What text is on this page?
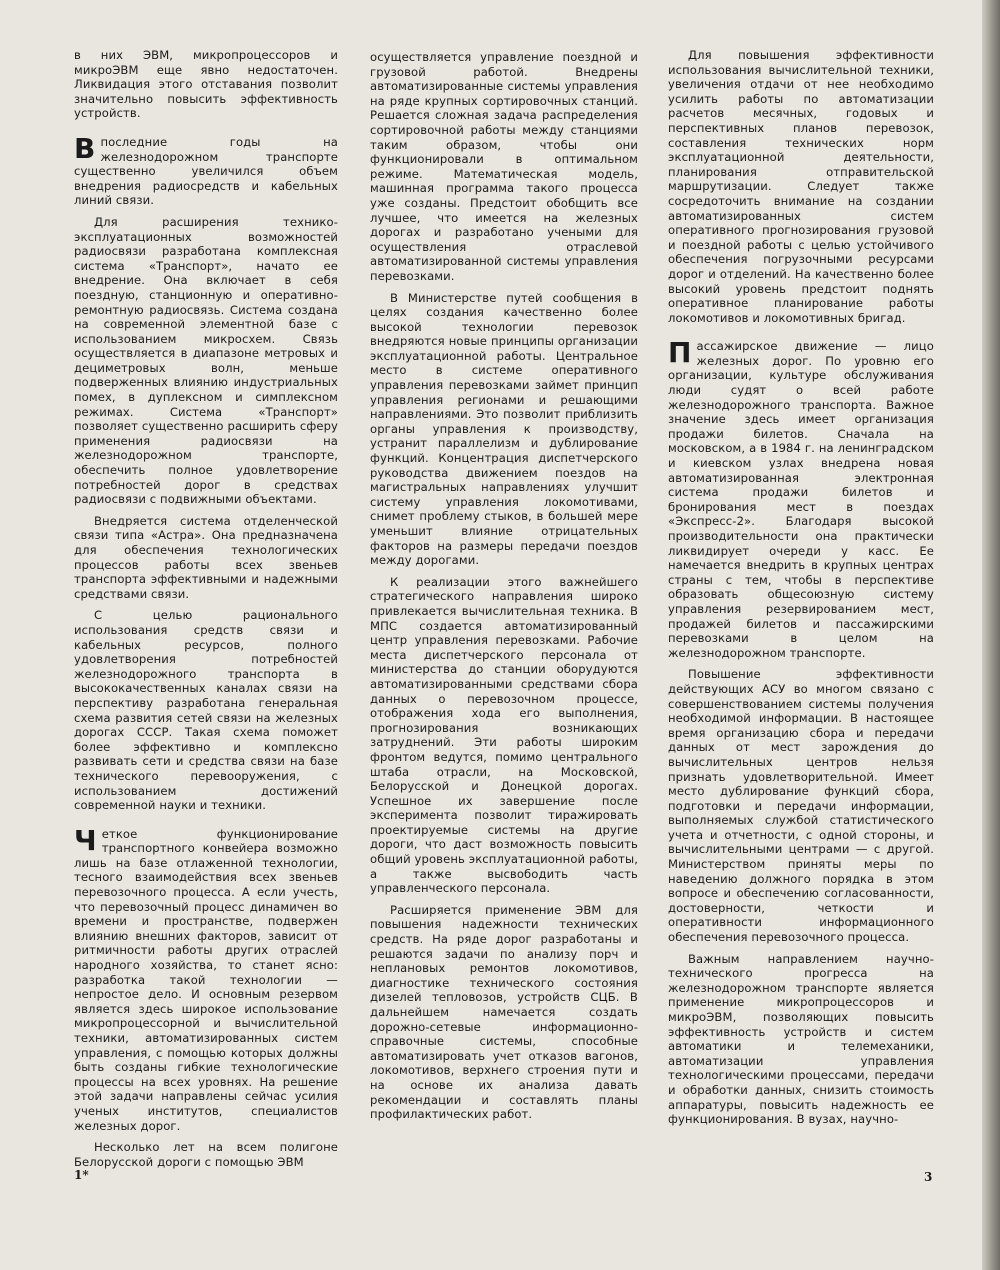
в них ЭВМ, микропроцессоров и микроЭВМ еще явно недостаточен. Ликвидация этого отставания позволит значительно повысить эффективность устройств.

Впоследние годы на железнодорожном транспорте существенно увеличился объем внедрения радиосредств и кабельных линий связи.

Для расширения технико-эксплуатационных возможностей радиосвязи разработана комплексная система «Транспорт», начато ее внедрение. Она включает в себя поездную, станционную и оперативно-ремонтную радиосвязь. Система создана на современной элементной базе с использованием микросхем. Связь осуществляется в диапазоне метровых и дециметровых волн, меньше подверженных влиянию индустриальных помех, в дуплексном и симплексном режимах. Система «Транспорт» позволяет существенно расширить сферу применения радиосвязи на железнодорожном транспорте, обеспечить полное удовлетворение потребностей дорог в средствах радиосвязи с подвижными объектами.

Внедряется система отделенческой связи типа «Астра». Она предназначена для обеспечения технологических процессов работы всех звеньев транспорта эффективными и надежными средствами связи.

С целью рационального использования средств связи и кабельных ресурсов, полного удовлетворения потребностей железнодорожного транспорта в высококачественных каналах связи на перспективу разработана генеральная схема развития сетей связи на железных дорогах СССР. Такая схема поможет более эффективно и комплексно развивать сети и средства связи на базе технического перевооружения, с использованием достижений современной науки и техники.

Четкое функционирование транспортного конвейера возможно лишь на базе отлаженной технологии, тесного взаимодействия всех звеньев перевозочного процесса. А если учесть, что перевозочный процесс динамичен во времени и пространстве, подвержен влиянию внешних факторов, зависит от ритмичности работы других отраслей народного хозяйства, то станет ясно: разработка такой технологии — непростое дело. И основным резервом является здесь широкое использование микропроцессорной и вычислительной техники, автоматизированных систем управления, с помощью которых должны быть созданы гибкие технологические процессы на всех уровнях. На решение этой задачи направлены сейчас усилия ученых институтов, специалистов железных дорог.

Несколько лет на всем полигоне Белорусской дороги с помощью ЭВМ

осуществляется управление поездной и грузовой работой. Внедрены автоматизированные системы управления на ряде крупных сортировочных станций. Решается сложная задача распределения сортировочной работы между станциями таким образом, чтобы они функционировали в оптимальном режиме. Математическая модель, машинная программа такого процесса уже созданы. Предстоит обобщить все лучшее, что имеется на железных дорогах и разработано учеными для осуществления отраслевой автоматизированной системы управления перевозками.

В Министерстве путей сообщения в целях создания качественно более высокой технологии перевозок внедряются новые принципы организации эксплуатационной работы. Центральное место в системе оперативного управления перевозками займет принцип управления регионами и решающими направлениями. Это позволит приблизить органы управления к производству, устранит параллелизм и дублирование функций. Концентрация диспетчерского руководства движением поездов на магистральных направлениях улучшит систему управления локомотивами, снимет проблему стыков, в большей мере уменьшит влияние отрицательных факторов на размеры передачи поездов между дорогами.

К реализации этого важнейшего стратегического направления широко привлекается вычислительная техника. В МПС создается автоматизированный центр управления перевозками. Рабочие места диспетчерского персонала от министерства до станции оборудуются автоматизированными средствами сбора данных о перевозочном процессе, отображения хода его выполнения, прогнозирования возникающих затруднений. Эти работы широким фронтом ведутся, помимо центрального штаба отрасли, на Московской, Белорусской и Донецкой дорогах. Успешное их завершение после эксперимента позволит тиражировать проектируемые системы на другие дороги, что даст возможность повысить общий уровень эксплуатационной работы, а также высвободить часть управленческого персонала.

Расширяется применение ЭВМ для повышения надежности технических средств. На ряде дорог разработаны и решаются задачи по анализу порч и неплановых ремонтов локомотивов, диагностике технического состояния дизелей тепловозов, устройств СЦБ. В дальнейшем намечается создать дорожно-сетевые информационно-справочные системы, способные автоматизировать учет отказов вагонов, локомотивов, верхнего строения пути и на основе их анализа давать рекомендации и составлять планы профилактических работ.

Для повышения эффективности использования вычислительной техники, увеличения отдачи от нее необходимо усилить работы по автоматизации расчетов месячных, годовых и перспективных планов перевозок, составления технических норм эксплуатационной деятельности, планирования отправительской маршрутизации. Следует также сосредоточить внимание на создании автоматизированных систем оперативного прогнозирования грузовой и поездной работы с целью устойчивого обеспечения погрузочными ресурсами дорог и отделений. На качественно более высокий уровень предстоит поднять оперативное планирование работы локомотивов и локомотивных бригад.

Пассажирское движение — лицо железных дорог. По уровню его организации, культуре обслуживания люди судят о всей работе железнодорожного транспорта. Важное значение здесь имеет организация продажи билетов. Сначала на московском, а в 1984 г. на ленинградском и киевском узлах внедрена новая автоматизированная электронная система продажи билетов и бронирования мест в поездах «Экспресс-2». Благодаря высокой производительности она практически ликвидирует очереди у касс. Ее намечается внедрить в крупных центрах страны с тем, чтобы в перспективе образовать общесоюзную систему управления резервированием мест, продажей билетов и пассажирскими перевозками в целом на железнодорожном транспорте.

Повышение эффективности действующих АСУ во многом связано с совершенствованием системы получения необходимой информации. В настоящее время организацию сбора и передачи данных от мест зарождения до вычислительных центров нельзя признать удовлетворительной. Имеет место дублирование функций сбора, подготовки и передачи информации, выполняемых службой статистического учета и отчетности, с одной стороны, и вычислительными центрами — с другой. Министерством приняты меры по наведению должного порядка в этом вопросе и обеспечению согласованности, достоверности, четкости и оперативности информационного обеспечения перевозочного процесса.

Важным направлением научно-технического прогресса на железнодорожном транспорте является применение микропроцессоров и микроЭВМ, позволяющих повысить эффективность устройств и систем автоматики и телемеханики, автоматизации управления технологическими процессами, передачи и обработки данных, снизить стоимость аппаратуры, повысить надежность ее функционирования. В вузах, научно-

1*	3
